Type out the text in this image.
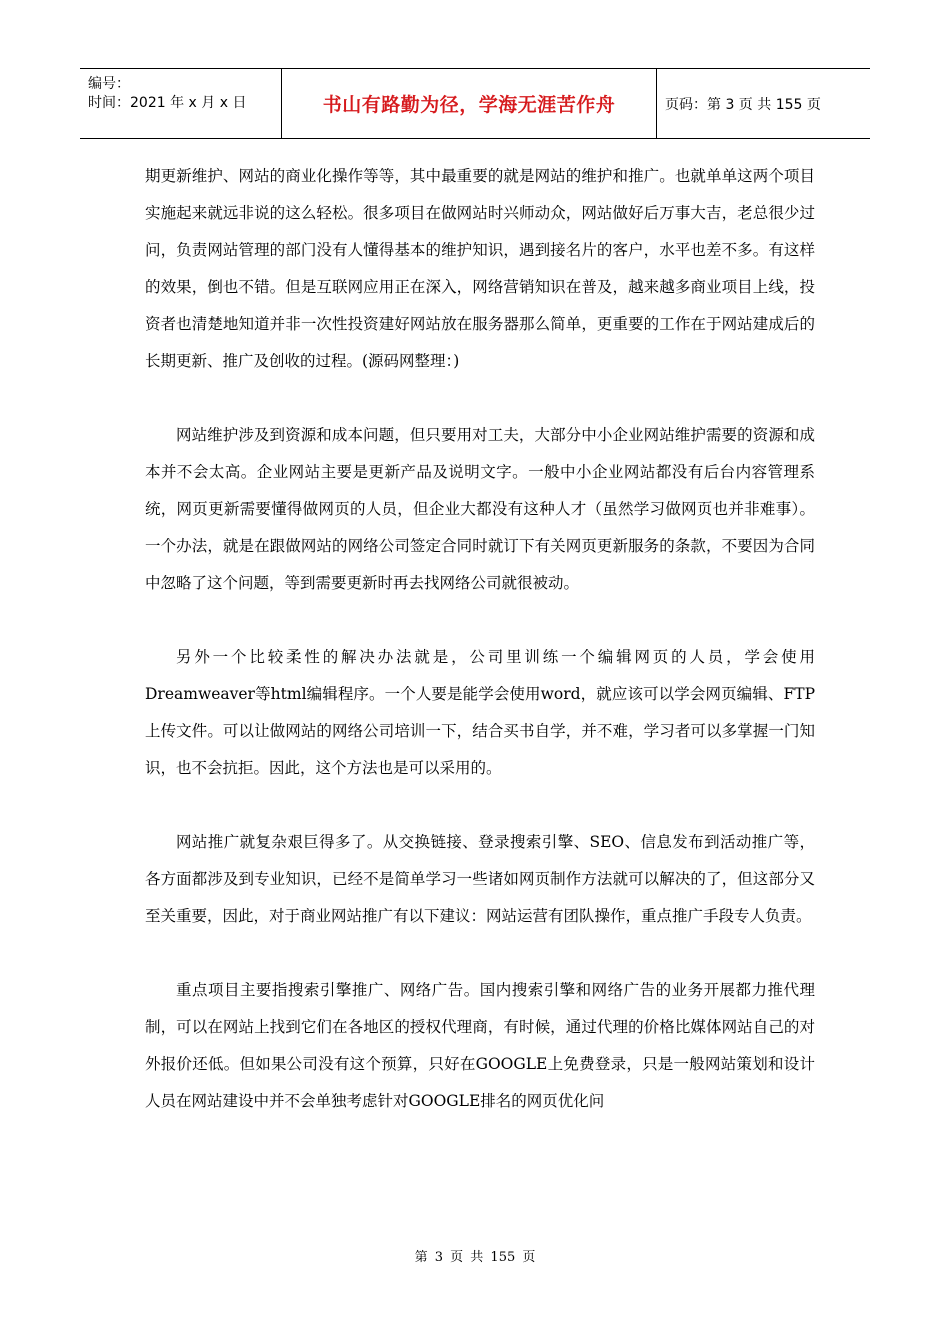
编号：
时间：2021 年 x 月 x 日	书山有路勤为径，学海无涯苦作舟	页码：第 3 页 共 155 页

期更新维护、网站的商业化操作等等，其中最重要的就是网站的维护和推广。也就单单这两个项目实施起来就远非说的这么轻松。很多项目在做网站时兴师动众，网站做好后万事大吉，老总很少过问，负责网站管理的部门没有人懂得基本的维护知识，遇到接名片的客户，水平也差不多。有这样的效果，倒也不错。但是互联网应用正在深入，网络营销知识在普及，越来越多商业项目上线，投资者也清楚地知道并非一次性投资建好网站放在服务器那么简单，更重要的工作在于网站建成后的长期更新、推广及创收的过程。(源码网整理：)

网站维护涉及到资源和成本问题，但只要用对工夫，大部分中小企业网站维护需要的资源和成本并不会太高。企业网站主要是更新产品及说明文字。一般中小企业网站都没有后台内容管理系统，网页更新需要懂得做网页的人员，但企业大都没有这种人才（虽然学习做网页也并非难事）。一个办法，就是在跟做网站的网络公司签定合同时就订下有关网页更新服务的条款，不要因为合同中忽略了这个问题，等到需要更新时再去找网络公司就很被动。

另外一个比较柔性的解决办法就是，公司里训练一个编辑网页的人员，学会使用Dreamweaver等html编辑程序。一个人要是能学会使用word，就应该可以学会网页编辑、FTP上传文件。可以让做网站的网络公司培训一下，结合买书自学，并不难，学习者可以多掌握一门知识，也不会抗拒。因此，这个方法也是可以采用的。

网站推广就复杂艰巨得多了。从交换链接、登录搜索引擎、SEO、信息发布到活动推广等，各方面都涉及到专业知识，已经不是简单学习一些诸如网页制作方法就可以解决的了，但这部分又至关重要，因此，对于商业网站推广有以下建议：网站运营有团队操作，重点推广手段专人负责。

重点项目主要指搜索引擎推广、网络广告。国内搜索引擎和网络广告的业务开展都力推代理制，可以在网站上找到它们在各地区的授权代理商，有时候，通过代理的价格比媒体网站自己的对外报价还低。但如果公司没有这个预算，只好在GOOGLE上免费登录，只是一般网站策划和设计人员在网站建设中并不会单独考虑针对GOOGLE排名的网页优化问

第 3 页 共 155 页
